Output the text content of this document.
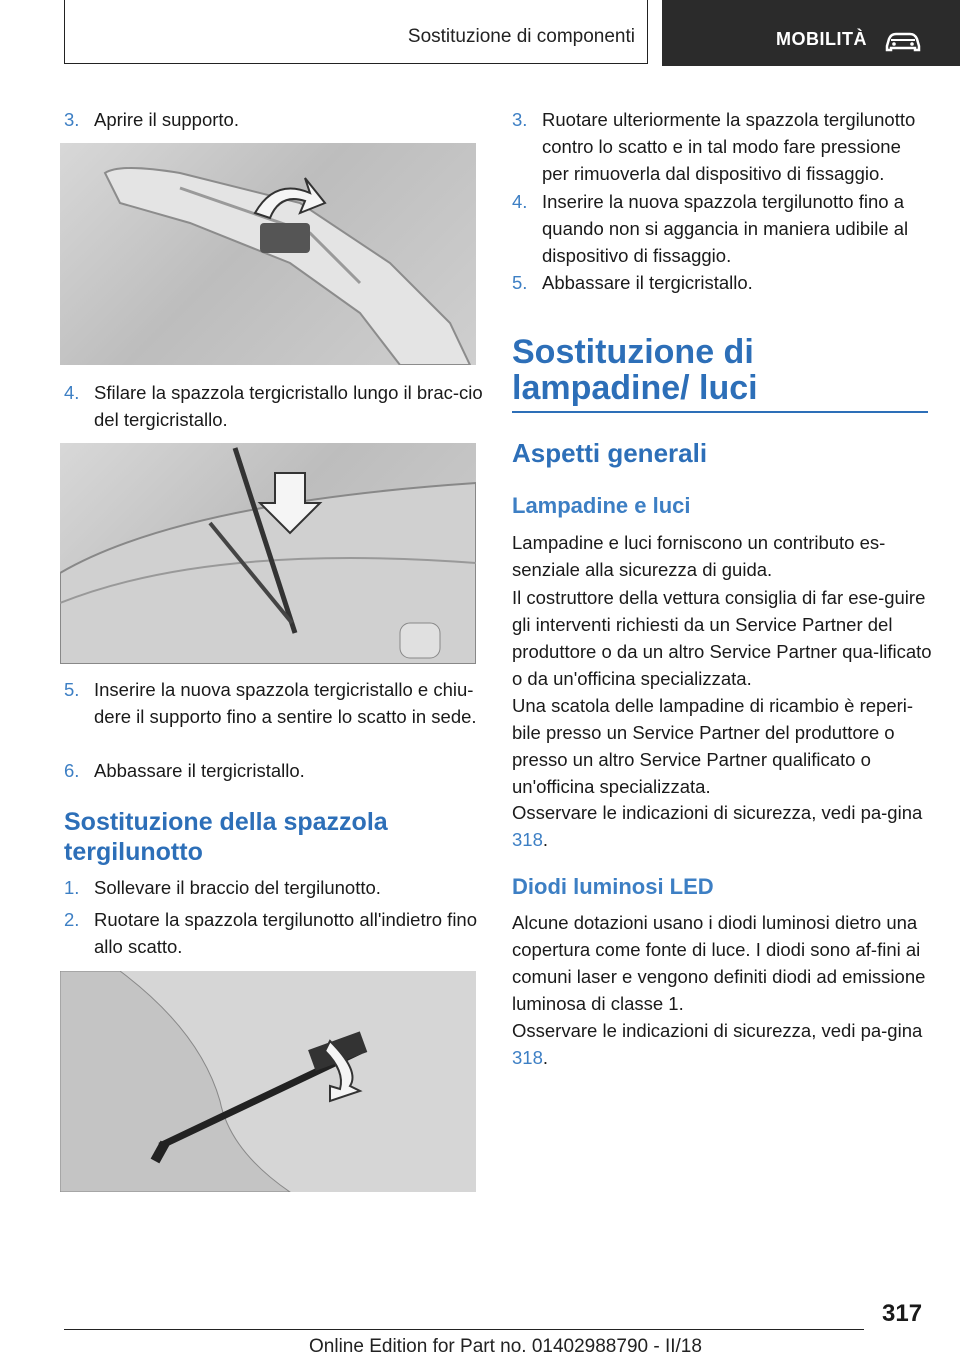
Sostituzione di componenti	MOBILITÀ
3. Aprire il supporto.
4. Sfilare la spazzola tergicristallo lungo il brac‐cio del tergicristallo.
5. Inserire la nuova spazzola tergicristallo e chiu‐dere il supporto fino a sentire lo scatto in sede.
6. Abbassare il tergicristallo.
Sostituzione della spazzola tergilunotto
1. Sollevare il braccio del tergilunotto.
2. Ruotare la spazzola tergilunotto all'indietro fino allo scatto.
3. Ruotare ulteriormente la spazzola tergilunotto contro lo scatto e in tal modo fare pressione per rimuoverla dal dispositivo di fissaggio.
4. Inserire la nuova spazzola tergilunotto fino a quando non si aggancia in maniera udibile al dispositivo di fissaggio.
5. Abbassare il tergicristallo.
Sostituzione di lampadine/ luci
Aspetti generali
Lampadine e luci
Lampadine e luci forniscono un contributo es‐senziale alla sicurezza di guida.
Il costruttore della vettura consiglia di far ese‐guire gli interventi richiesti da un Service Partner del produttore o da un altro Service Partner qua‐lificato o da un'officina specializzata.
Una scatola delle lampadine di ricambio è reperi‐bile presso un Service Partner del produttore o presso un altro Service Partner qualificato o un'officina specializzata.
Osservare le indicazioni di sicurezza, vedi pa‐gina 318.
Diodi luminosi LED
Alcune dotazioni usano i diodi luminosi dietro una copertura come fonte di luce. I diodi sono af‐fini ai comuni laser e vengono definiti diodi ad emissione luminosa di classe 1.
Osservare le indicazioni di sicurezza, vedi pa‐gina 318.
317
Online Edition for Part no. 01402988790 - II/18
